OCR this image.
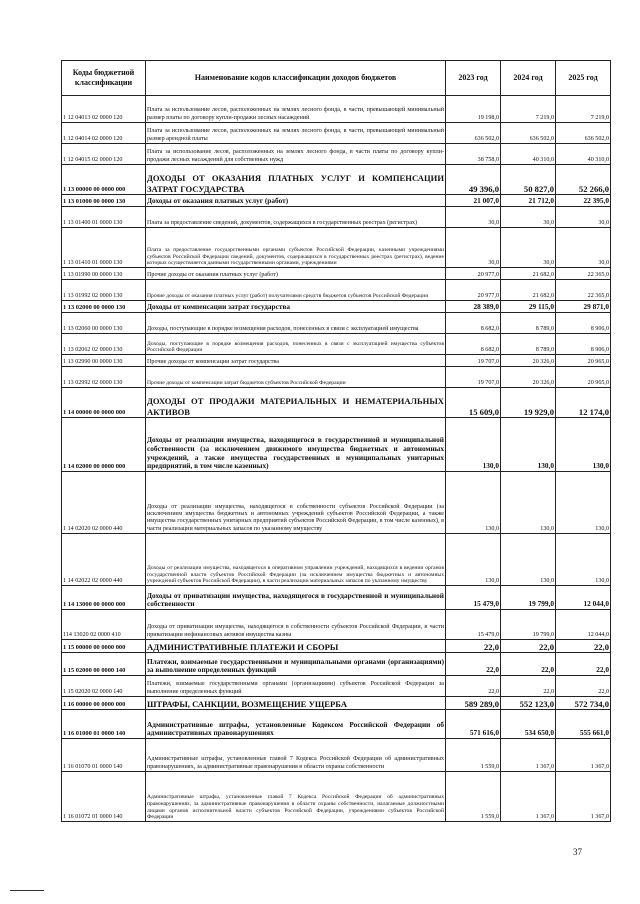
Коды бюджетной классификации	Наименование кодов классификации доходов бюджетов	2023 год	2024 год	2025 год
1 12 04013 02 0000 120	Плата за использование лесов, расположенных на землях лесного фонда, в части, превышающей минимальный размер платы по договору купли-продажи лесных насаждений	19 198,0	7 219,0	7 219,0
1 12 04014 02 0000 120	Плата за использование лесов, расположенных на землях лесного фонда, в части, превышающей минимальный размер арендной платы	636 502,0	636 502,0	636 502,0
1 12 04015 02 0000 120	Плата за использование лесов, расположенных на землях лесного фонда, в части платы по договору купли-продажи лесных насаждений для собственных нужд	38 758,0	40 310,0	40 310,0
1 13 00000 00 0000 000	ДОХОДЫ ОТ ОКАЗАНИЯ ПЛАТНЫХ УСЛУГ И КОМПЕНСАЦИИ ЗАТРАТ ГОСУДАРСТВА	49 396,0	50 827,0	52 266,0
1 13 01000 00 0000 130	Доходы от оказания платных услуг (работ)	21 007,0	21 712,0	22 395,0
1 13 01400 01 0000 130	Плата за предоставление сведений, документов, содержащихся в государственных реестрах (регистрах)	30,0	30,0	30,0
1 13 01410 01 0000 130	Плата за предоставление государственными органами субъектов Российской Федерации, казенными учреждениями субъектов Российской Федерации сведений, документов, содержащихся в государственных реестрах (регистрах), ведение которых осуществляется данными государственными органами, учреждениями	30,0	30,0	30,0
1 13 01990 00 0000 130	Прочие доходы от оказания платных услуг (работ)	20 977,0	21 682,0	22 365,0
1 13 01992 02 0000 130	Прочие доходы от оказания платных услуг (работ) получателями средств бюджетов субъектов Российской Федерации	20 977,0	21 682,0	22 365,0
1 13 02000 00 0000 130	Доходы от компенсации затрат государства	28 389,0	29 115,0	29 871,0
1 13 02060 00 0000 130	Доходы, поступающие в порядке возмещения расходов, понесенных в связи с эксплуатацией имущества	8 682,0	8 789,0	8 906,0
1 13 02062 02 0000 130	Доходы, поступающие в порядке возмещения расходов, понесенных в связи с эксплуатацией имущества субъектов Российской Федерации	8 682,0	8 789,0	8 906,0
1 13 02990 00 0000 130	Прочие доходы от компенсации затрат государства	19 707,0	20 326,0	20 965,0
1 13 02992 02 0000 130	Прочие доходы от компенсации затрат бюджетов субъектов Российской Федерации	19 707,0	20 326,0	20 965,0
1 14 00000 00 0000 000	ДОХОДЫ ОТ ПРОДАЖИ МАТЕРИАЛЬНЫХ И НЕМАТЕРИАЛЬНЫХ АКТИВОВ	15 609,0	19 929,0	12 174,0
1 14 02000 00 0000 000	Доходы от реализации имущества, находящегося в государственной и муниципальной собственности (за исключением движимого имущества бюджетных и автономных учреждений, а также имущества государственных и муниципальных унитарных предприятий, в том числе казенных)	130,0	130,0	130,0
1 14 02020 02 0000 440	Доходы от реализации имущества, находящегося в собственности субъектов Российской Федерации (за исключением имущества бюджетных и автономных учреждений субъектов Российской Федерации, а также имущества государственных унитарных предприятий субъектов Российской Федерации, в том числе казенных), в части реализации материальных запасов по указанному имуществу	130,0	130,0	130,0
1 14 02022 02 0000 440	Доходы от реализации имущества, находящегося в оперативном управлении учреждений, находящихся в ведении органов государственной власти субъектов Российской Федерации (за исключением имущества бюджетных и автономных учреждений субъектов Российской Федерации), в части реализации материальных запасов по указанному имуществу	130,0	130,0	130,0
1 14 13000 00 0000 000	Доходы от приватизации имущества, находящегося в государственной и муниципальной собственности	15 479,0	19 799,0	12 044,0
114 13020 02 0000 410	Доходы от приватизации имущества, находящегося в собственности субъектов Российской Федерации, в части приватизации нефинансовых активов имущества казны	15 479,0	19 799,0	12 044,0
1 15 00000 00 0000 000	АДМИНИСТРАТИВНЫЕ ПЛАТЕЖИ И СБОРЫ	22,0	22,0	22,0
1 15 02000 00 0000 140	Платежи, взимаемые государственными и муниципальными органами (организациями) за выполнение определенных функций	22,0	22,0	22,0
1 15 02020 02 0000 140	Платежи, взимаемые государственными органами (организациями) субъектов Российской Федерации за выполнение определенных функций	22,0	22,0	22,0
1 16 00000 00 0000 000	ШТРАФЫ, САНКЦИИ, ВОЗМЕЩЕНИЕ УЩЕРБА	589 289,0	552 123,0	572 734,0
1 16 01000 01 0000 140	Административные штрафы, установленные Кодексом Российской Федерации об административных правонарушениях	571 616,0	534 650,0	555 661,0
1 16 01070 01 0000 140	Административные штрафы, установленные главой 7 Кодекса Российской Федерации об административных правонарушениях, за административные правонарушения в области охраны собственности	1 559,0	1 367,0	1 367,0
1 16 01072 01 0000 140	Административные штрафы, установленные главой 7 Кодекса Российской Федерации об административных правонарушениях, за административные правонарушения в области охраны собственности, налагаемые должностными лицами органов исполнительной власти субъектов Российской Федерации, учреждениями субъектов Российской Федерации	1 559,0	1 367,0	1 367,0
37
